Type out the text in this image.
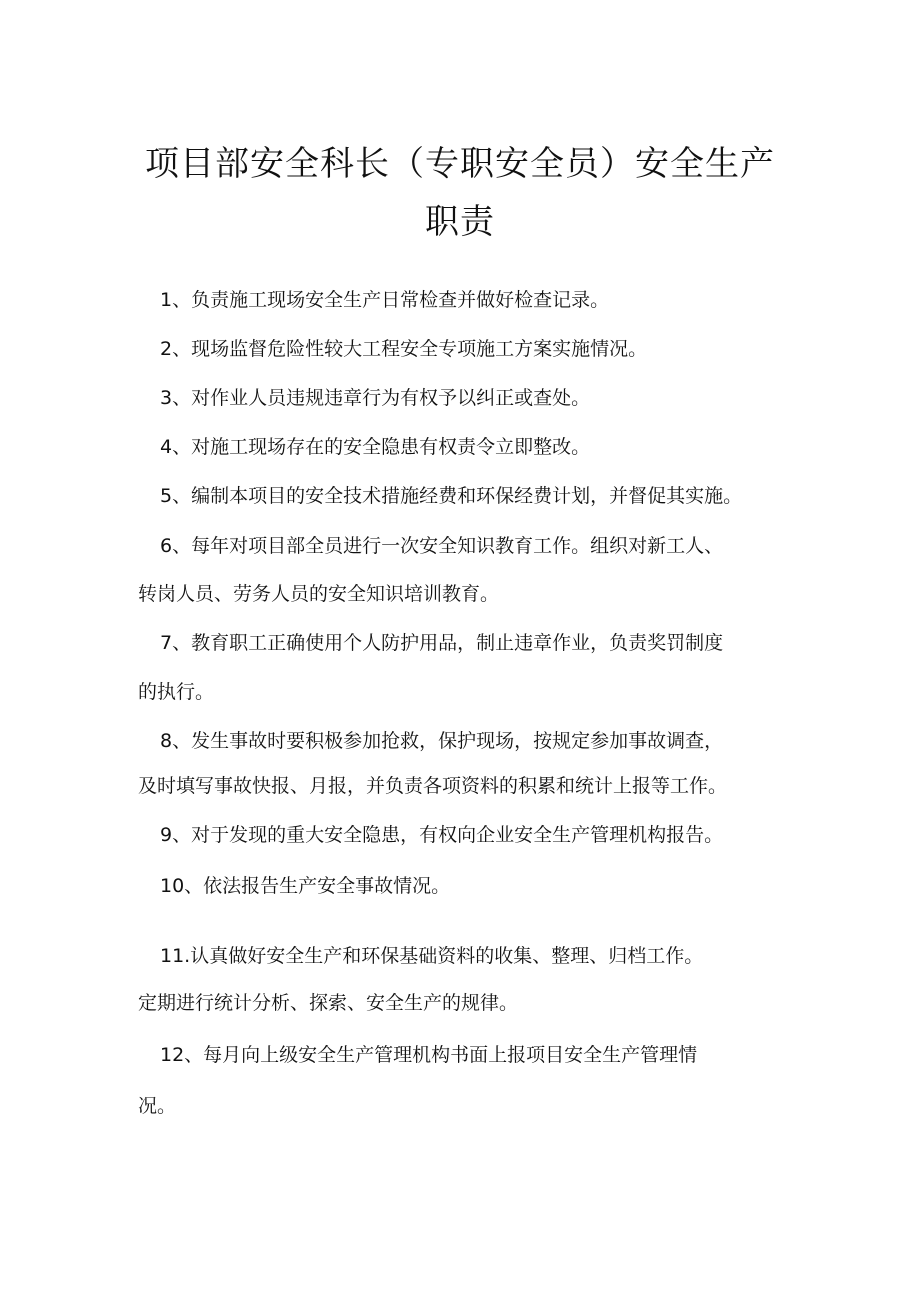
项目部安全科长（专职安全员）安全生产
职责
1、负责施工现场安全生产日常检查并做好检查记录。
2、现场监督危险性较大工程安全专项施工方案实施情况。
3、对作业人员违规违章行为有权予以纠正或查处。
4、对施工现场存在的安全隐患有权责令立即整改。
5、编制本项目的安全技术措施经费和环保经费计划，并督促其实施。
6、每年对项目部全员进行一次安全知识教育工作。组织对新工人、
转岗人员、劳务人员的安全知识培训教育。
7、教育职工正确使用个人防护用品，制止违章作业，负责奖罚制度
的执行。
8、发生事故时要积极参加抢救，保护现场，按规定参加事故调查，
及时填写事故快报、月报，并负责各项资料的积累和统计上报等工作。
9、对于发现的重大安全隐患，有权向企业安全生产管理机构报告。
10、依法报告生产安全事故情况。
11.认真做好安全生产和环保基础资料的收集、整理、归档工作。
定期进行统计分析、探索、安全生产的规律。
12、每月向上级安全生产管理机构书面上报项目安全生产管理情
况。
